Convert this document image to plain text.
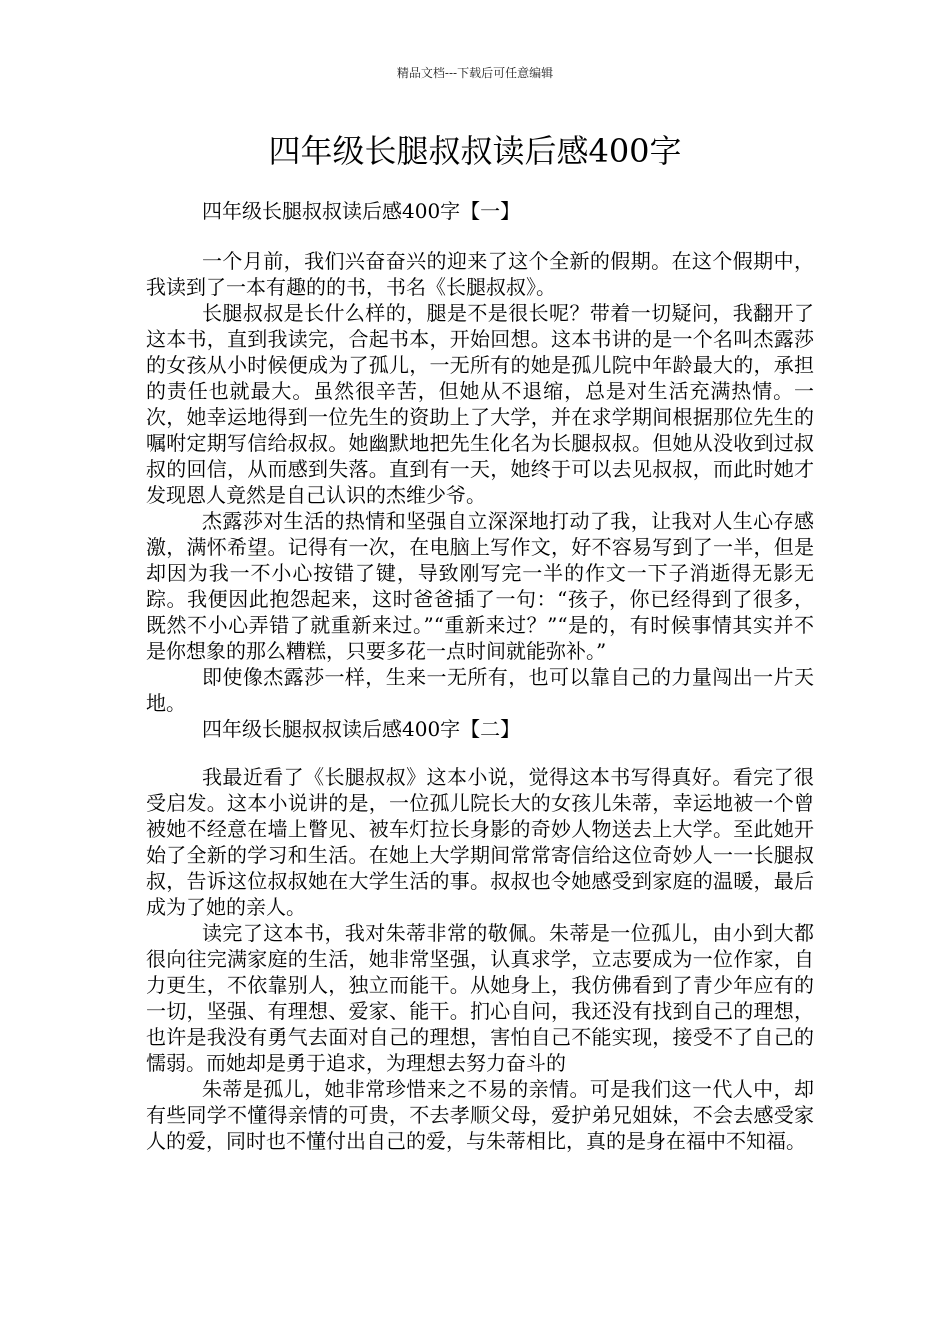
精品文档---下载后可任意编辑
四年级长腿叔叔读后感400字
四年级长腿叔叔读后感400字【一】

一个月前，我们兴奋奋兴的迎来了这个全新的假期。在这个假期中，我读到了一本有趣的的书，书名《长腿叔叔》。

长腿叔叔是长什么样的，腿是不是很长呢？带着一切疑问，我翻开了这本书，直到我读完，合起书本，开始回想。这本书讲的是一个名叫杰露莎的女孩从小时候便成为了孤儿，一无所有的她是孤儿院中年龄最大的，承担的责任也就最大。虽然很辛苦，但她从不退缩，总是对生活充满热情。一次，她幸运地得到一位先生的资助上了大学，并在求学期间根据那位先生的嘱咐定期写信给叔叔。她幽默地把先生化名为长腿叔叔。但她从没收到过叔叔的回信，从而感到失落。直到有一天，她终于可以去见叔叔，而此时她才发现恩人竟然是自己认识的杰维少爷。

杰露莎对生活的热情和坚强自立深深地打动了我，让我对人生心存感激，满怀希望。记得有一次，在电脑上写作文，好不容易写到了一半，但是却因为我一不小心按错了键，导致刚写完一半的作文一下子消逝得无影无踪。我便因此抱怨起来，这时爸爸插了一句：“孩子，你已经得到了很多，既然不小心弄错了就重新来过。”“重新来过？”“是的，有时候事情其实并不是你想象的那么糟糕，只要多花一点时间就能弥补。”

即使像杰露莎一样，生来一无所有，也可以靠自己的力量闯出一片天地。

四年级长腿叔叔读后感400字【二】

我最近看了《长腿叔叔》这本小说，觉得这本书写得真好。看完了很受启发。这本小说讲的是，一位孤儿院长大的女孩儿朱蒂，幸运地被一个曾被她不经意在墙上瞥见、被车灯拉长身影的奇妙人物送去上大学。至此她开始了全新的学习和生活。在她上大学期间常常寄信给这位奇妙人一一长腿叔叔，告诉这位叔叔她在大学生活的事。叔叔也令她感受到家庭的温暖，最后成为了她的亲人。

读完了这本书，我对朱蒂非常的敬佩。朱蒂是一位孤儿，由小到大都很向往完满家庭的生活，她非常坚强，认真求学，立志要成为一位作家，自力更生，不依靠别人，独立而能干。从她身上，我仿佛看到了青少年应有的一切，坚强、有理想、爱家、能干。扪心自问，我还没有找到自己的理想，也许是我没有勇气去面对自己的理想，害怕自己不能实现，接受不了自己的懦弱。而她却是勇于追求，为理想去努力奋斗的

朱蒂是孤儿，她非常珍惜来之不易的亲情。可是我们这一代人中，却有些同学不懂得亲情的可贵，不去孝顺父母，爱护弟兄姐妹，不会去感受家人的爱，同时也不懂付出自己的爱，与朱蒂相比，真的是身在福中不知福。
